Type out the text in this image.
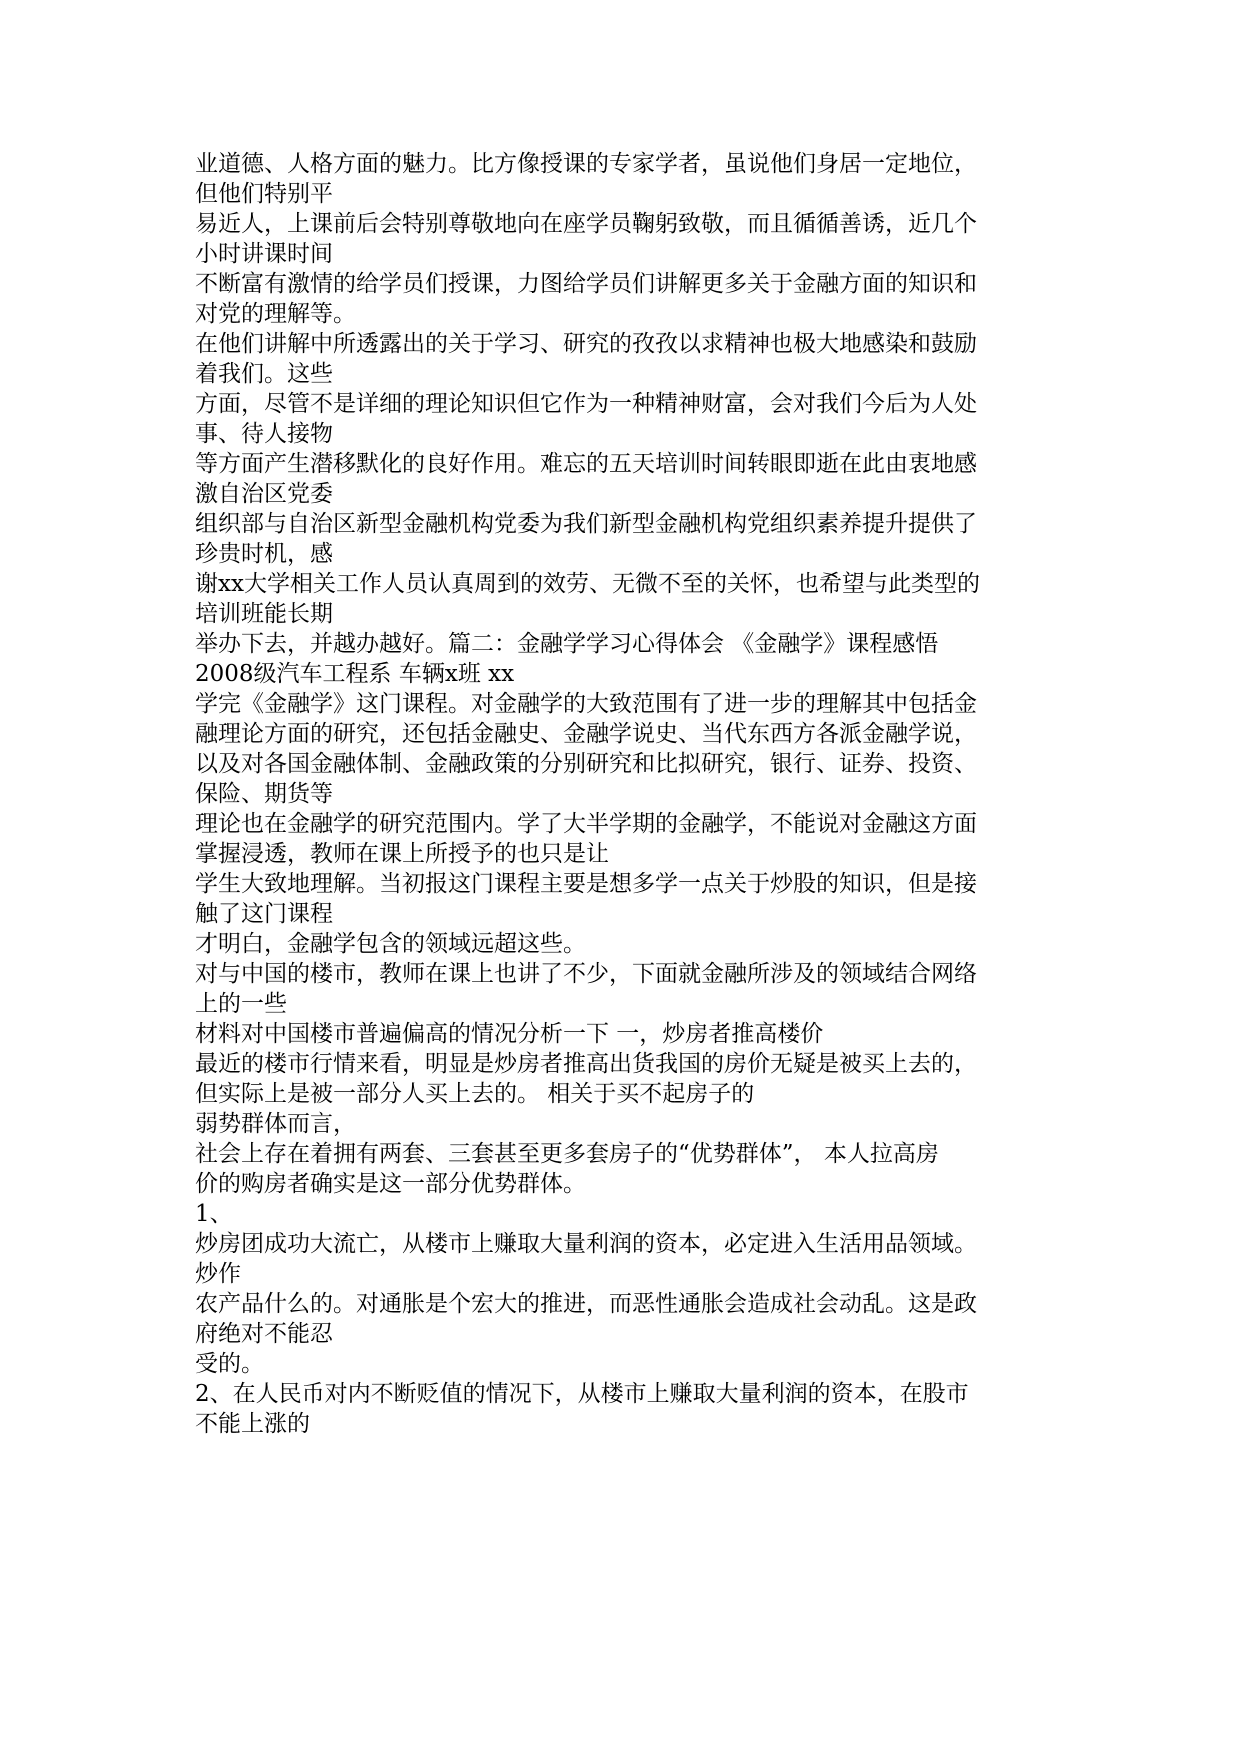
业道德、人格方面的魅力。比方像授课的专家学者，虽说他们身居一定地位，
但他们特别平
易近人，上课前后会特别尊敬地向在座学员鞠躬致敬，而且循循善诱，近几个
小时讲课时间
不断富有激情的给学员们授课，力图给学员们讲解更多关于金融方面的知识和
对党的理解等。
在他们讲解中所透露出的关于学习、研究的孜孜以求精神也极大地感染和鼓励
着我们。这些
方面，尽管不是详细的理论知识但它作为一种精神财富，会对我们今后为人处
事、待人接物
等方面产生潜移默化的良好作用。难忘的五天培训时间转眼即逝在此由衷地感
激自治区党委
组织部与自治区新型金融机构党委为我们新型金融机构党组织素养提升提供了
珍贵时机，感
谢xx大学相关工作人员认真周到的效劳、无微不至的关怀，也希望与此类型的
培训班能长期
举办下去，并越办越好。篇二：金融学学习心得体会 《金融学》课程感悟
2008级汽车工程系 车辆x班 xx
学完《金融学》这门课程。对金融学的大致范围有了进一步的理解其中包括金
融理论方面的研究，还包括金融史、金融学说史、当代东西方各派金融学说，
以及对各国金融体制、金融政策的分别研究和比拟研究，银行、证券、投资、
保险、期货等
理论也在金融学的研究范围内。学了大半学期的金融学，不能说对金融这方面
掌握浸透，教师在课上所授予的也只是让
学生大致地理解。当初报这门课程主要是想多学一点关于炒股的知识，但是接
触了这门课程
才明白，金融学包含的领域远超这些。
对与中国的楼市，教师在课上也讲了不少，下面就金融所涉及的领域结合网络
上的一些
材料对中国楼市普遍偏高的情况分析一下 一，炒房者推高楼价
最近的楼市行情来看，明显是炒房者推高出货我国的房价无疑是被买上去的，
但实际上是被一部分人买上去的。 相关于买不起房子的
弱势群体而言，
社会上存在着拥有两套、三套甚至更多套房子的“优势群体”， 本人拉高房
价的购房者确实是这一部分优势群体。
1、
炒房团成功大流亡，从楼市上赚取大量利润的资本，必定进入生活用品领域。
炒作
农产品什么的。对通胀是个宏大的推进，而恶性通胀会造成社会动乱。这是政
府绝对不能忍
受的。
2、在人民币对内不断贬值的情况下，从楼市上赚取大量利润的资本，在股市
不能上涨的
